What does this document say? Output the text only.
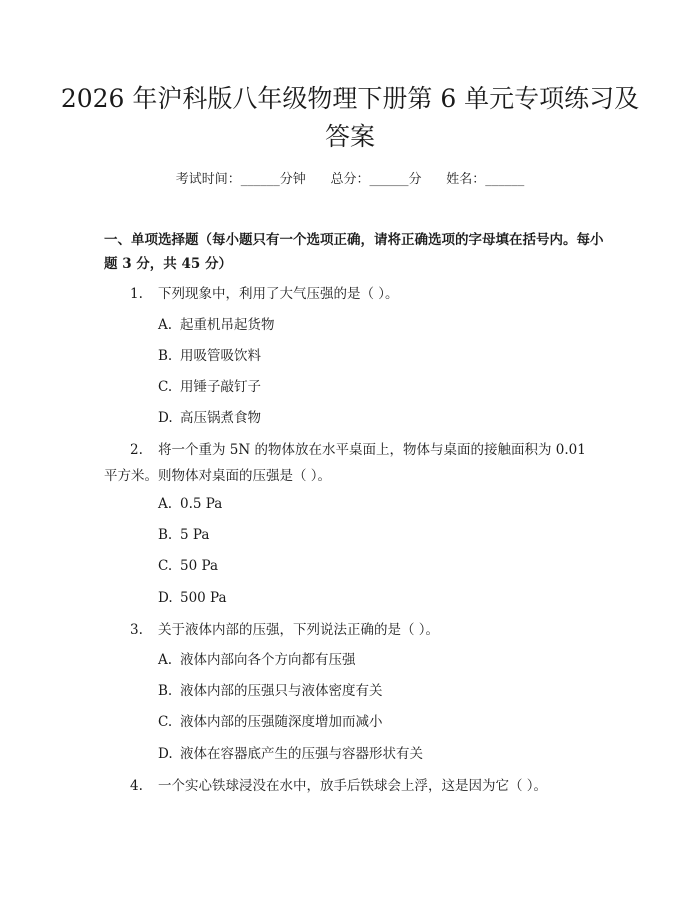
2026 年沪科版八年级物理下册第 6 单元专项练习及答案
考试时间：______分钟      总分：______分      姓名：______
一、单项选择题（每小题只有一个选项正确，请将正确选项的字母填在括号内。每小题 3 分，共 45 分）
1.	下列现象中，利用了大气压强的是（ ）。
A. 起重机吊起货物
B. 用吸管吸饮料
C. 用锤子敲钉子
D. 高压锅煮食物
2.	将一个重为 5N 的物体放在水平桌面上，物体与桌面的接触面积为 0.01 平方米。则物体对桌面的压强是（ ）。
A. 0.5 Pa
B. 5 Pa
C. 50 Pa
D. 500 Pa
3.	关于液体内部的压强，下列说法正确的是（ ）。
A. 液体内部向各个方向都有压强
B. 液体内部的压强只与液体密度有关
C. 液体内部的压强随深度增加而减小
D. 液体在容器底产生的压强与容器形状有关
4.	一个实心铁球浸没在水中，放手后铁球会上浮，这是因为它（ ）。
